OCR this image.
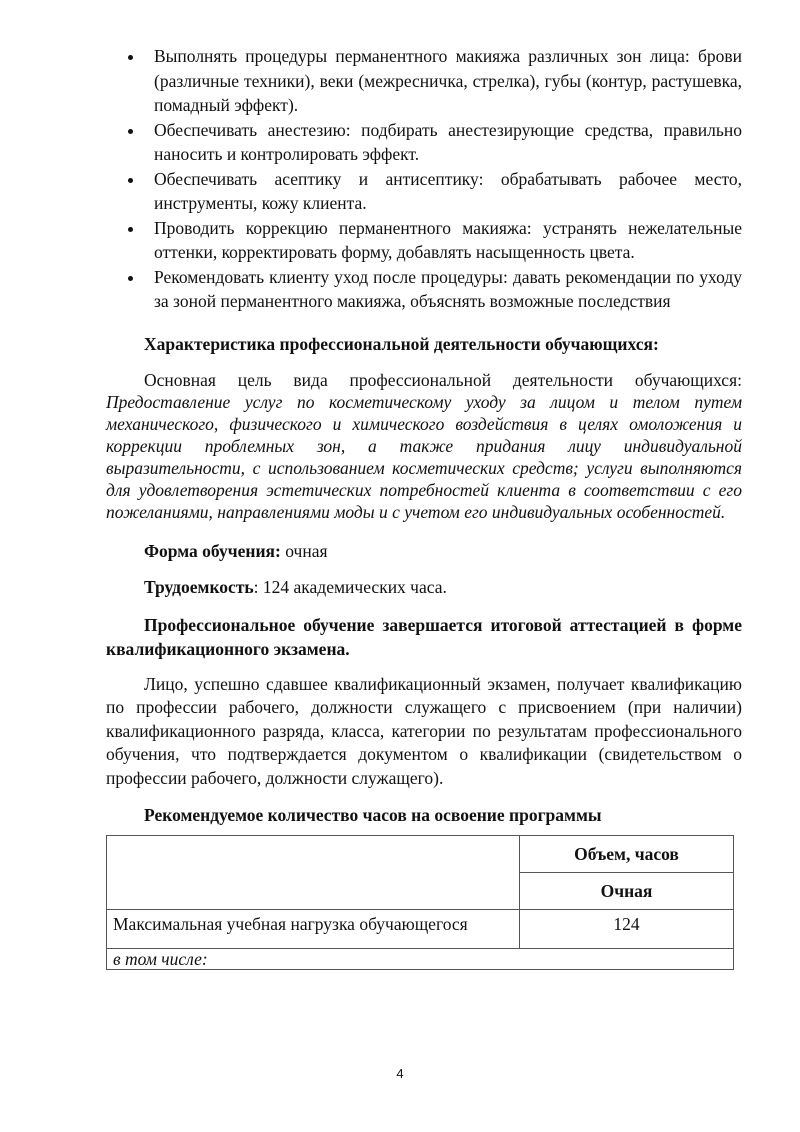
Выполнять процедуры перманентного макияжа различных зон лица: брови (различные техники), веки (межресничка, стрелка), губы (контур, растушевка, помадный эффект).
Обеспечивать анестезию: подбирать анестезирующие средства, правильно наносить и контролировать эффект.
Обеспечивать асептику и антисептику: обрабатывать рабочее место, инструменты, кожу клиента.
Проводить коррекцию перманентного макияжа: устранять нежелательные оттенки, корректировать форму, добавлять насыщенность цвета.
Рекомендовать клиенту уход после процедуры: давать рекомендации по уходу за зоной перманентного макияжа, объяснять возможные последствия
Характеристика профессиональной деятельности обучающихся:
Основная цель вида профессиональной деятельности обучающихся: Предоставление услуг по косметическому уходу за лицом и телом путем механического, физического и химического воздействия в целях омоложения и коррекции проблемных зон, а также придания лицу индивидуальной выразительности, с использованием косметических средств; услуги выполняются для удовлетворения эстетических потребностей клиента в соответствии с его пожеланиями, направлениями моды и с учетом его индивидуальных особенностей.
Форма обучения: очная
Трудоемкость: 124 академических часа.
Профессиональное обучение завершается итоговой аттестацией в форме квалификационного экзамена.
Лицо, успешно сдавшее квалификационный экзамен, получает квалификацию по профессии рабочего, должности служащего с присвоением (при наличии) квалификационного разряда, класса, категории по результатам профессионального обучения, что подтверждается документом о квалификации (свидетельством о профессии рабочего, должности служащего).
Рекомендуемое количество часов на освоение программы
	Объем, часов
	Очная
Максимальная учебная нагрузка обучающегося	124
в том числе:	
4
